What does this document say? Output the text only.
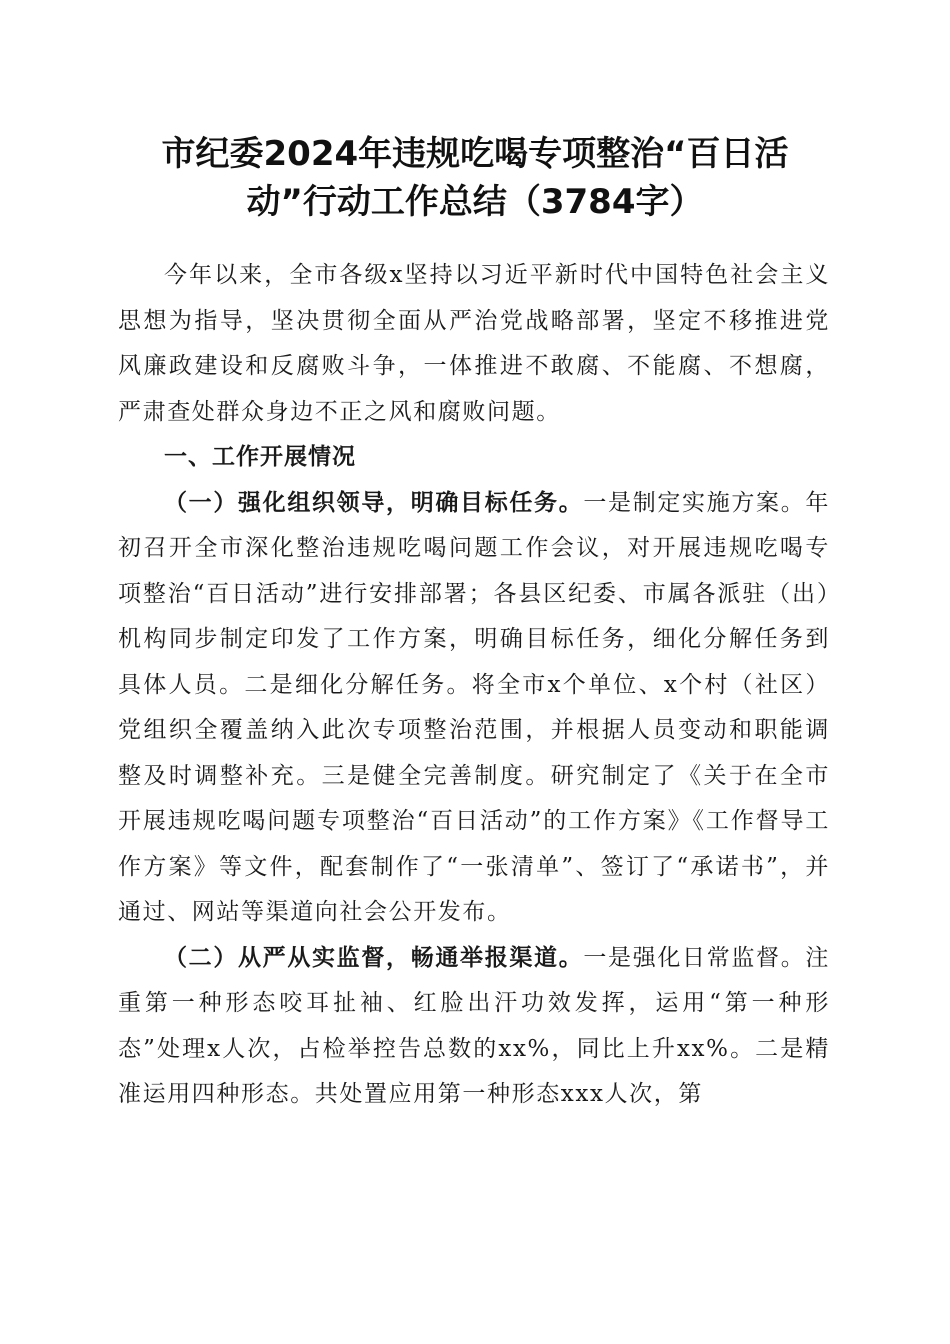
市纪委2024年违规吃喝专项整治“百日活
动”行动工作总结（3784字）

今年以来，全市各级x坚持以习近平新时代中国特色社会主义思想为指导，坚决贯彻全面从严治党战略部署，坚定不移推进党风廉政建设和反腐败斗争，一体推进不敢腐、不能腐、不想腐，严肃查处群众身边不正之风和腐败问题。

一、工作开展情况

（一）强化组织领导，明确目标任务。一是制定实施方案。年初召开全市深化整治违规吃喝问题工作会议，对开展违规吃喝专项整治“百日活动”进行安排部署；各县区纪委、市属各派驻（出）机构同步制定印发了工作方案，明确目标任务，细化分解任务到具体人员。二是细化分解任务。将全市x个单位、x个村（社区）党组织全覆盖纳入此次专项整治范围，并根据人员变动和职能调整及时调整补充。三是健全完善制度。研究制定了《关于在全市开展违规吃喝问题专项整治“百日活动”的工作方案》《工作督导工作方案》等文件，配套制作了“一张清单”、签订了“承诺书”，并通过、网站等渠道向社会公开发布。

（二）从严从实监督，畅通举报渠道。一是强化日常监督。注重第一种形态咬耳扯袖、红脸出汗功效发挥，运用“第一种形态”处理x人次，占检举控告总数的xx%，同比上升xx%。二是精准运用四种形态。共处置应用第一种形态xxx人次，第
